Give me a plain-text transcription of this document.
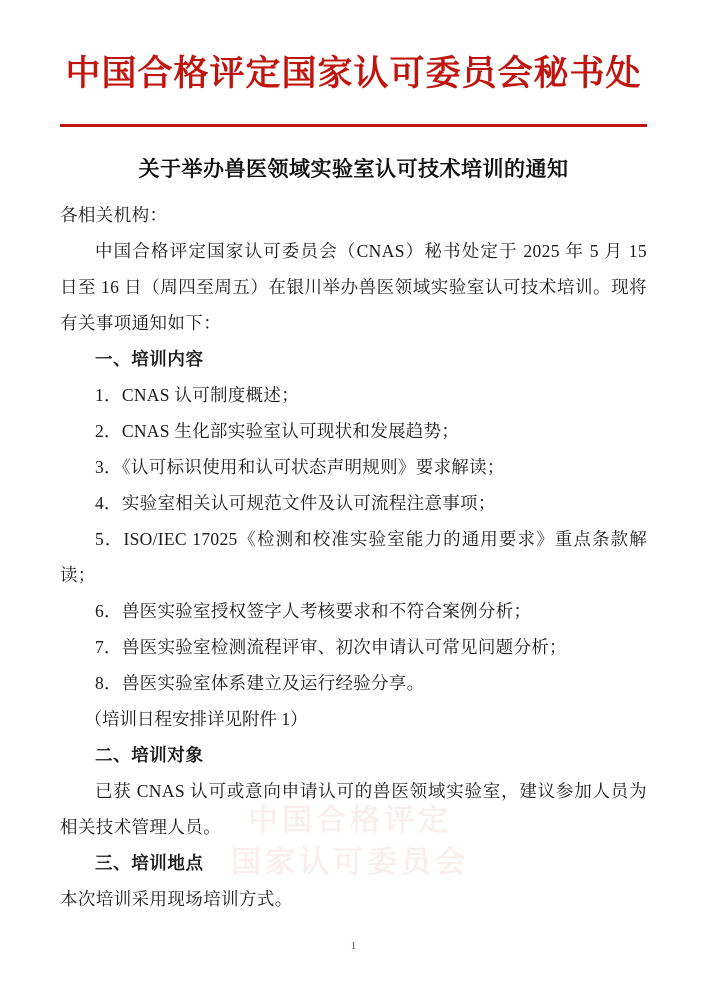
中国合格评定
国家认可委员会
中国合格评定国家认可委员会秘书处
关于举办兽医领域实验室认可技术培训的通知
各相关机构：
中国合格评定国家认可委员会（CNAS）秘书处定于 2025 年 5 月 15 日至 16 日（周四至周五）在银川举办兽医领域实验室认可技术培训。现将有关事项通知如下：
一、培训内容
1．CNAS 认可制度概述；
2．CNAS 生化部实验室认可现状和发展趋势；
3．《认可标识使用和认可状态声明规则》要求解读；
4．实验室相关认可规范文件及认可流程注意事项；
5．ISO/IEC 17025《检测和校准实验室能力的通用要求》重点条款解读；
6．兽医实验室授权签字人考核要求和不符合案例分析；
7．兽医实验室检测流程评审、初次申请认可常见问题分析；
8．兽医实验室体系建立及运行经验分享。
（培训日程安排详见附件 1）
二、培训对象
已获 CNAS 认可或意向申请认可的兽医领域实验室，建议参加人员为相关技术管理人员。
三、培训地点
本次培训采用现场培训方式。
1
